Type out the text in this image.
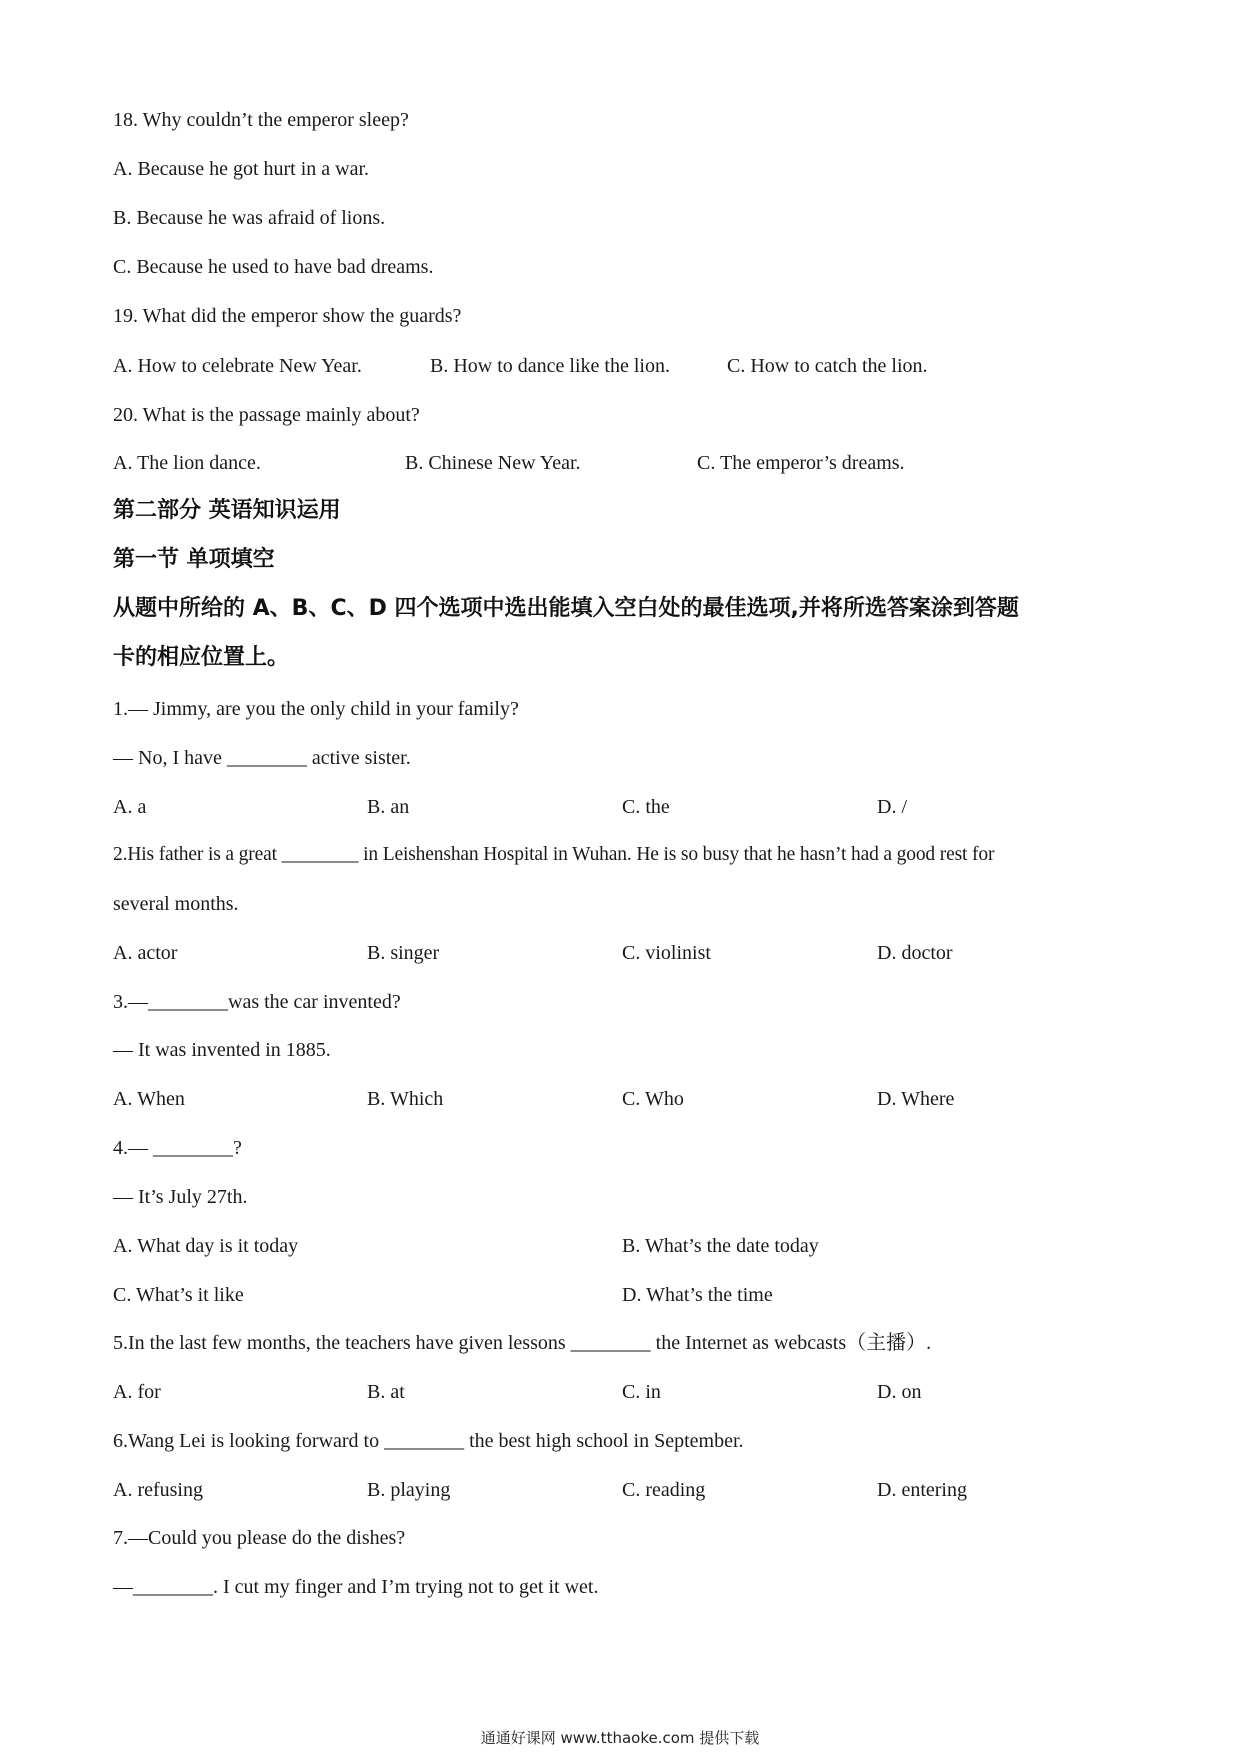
18. Why couldn’t the emperor sleep?
A. Because he got hurt in a war.
B. Because he was afraid of lions.
C. Because he used to have bad dreams.
19. What did the emperor show the guards?
A. How to celebrate New Year.	B. How to dance like the lion.	C. How to catch the lion.
20. What is the passage mainly about?
A. The lion dance.	B. Chinese New Year.	C. The emperor’s dreams.
第二部分 英语知识运用
第一节 单项填空
从题中所给的 A、B、C、D 四个选项中选出能填入空白处的最佳选项,并将所选答案涂到答题
卡的相应位置上。
1.— Jimmy, are you the only child in your family?
— No, I have ________ active sister.
A. a	B. an	C. the	D. /
2.His father is a great ________ in Leishenshan Hospital in Wuhan. He is so busy that he hasn’t had a good rest for
several months.
A. actor	B. singer	C. violinist	D. doctor
3.—________was the car invented?
— It was invented in 1885.
A. When	B. Which	C. Who	D. Where
4.— ________?
— It’s July 27th.
A. What day is it today	B. What’s the date today
C. What’s it like	D. What’s the time
5.In the last few months, the teachers have given lessons ________ the Internet as webcasts（主播）.
A. for	B. at	C. in	D. on
6.Wang Lei is looking forward to ________ the best high school in September.
A. refusing	B. playing	C. reading	D. entering
7.—Could you please do the dishes?
—________. I cut my finger and I’m trying not to get it wet.
通通好课网 www.tthaoke.com 提供下载
